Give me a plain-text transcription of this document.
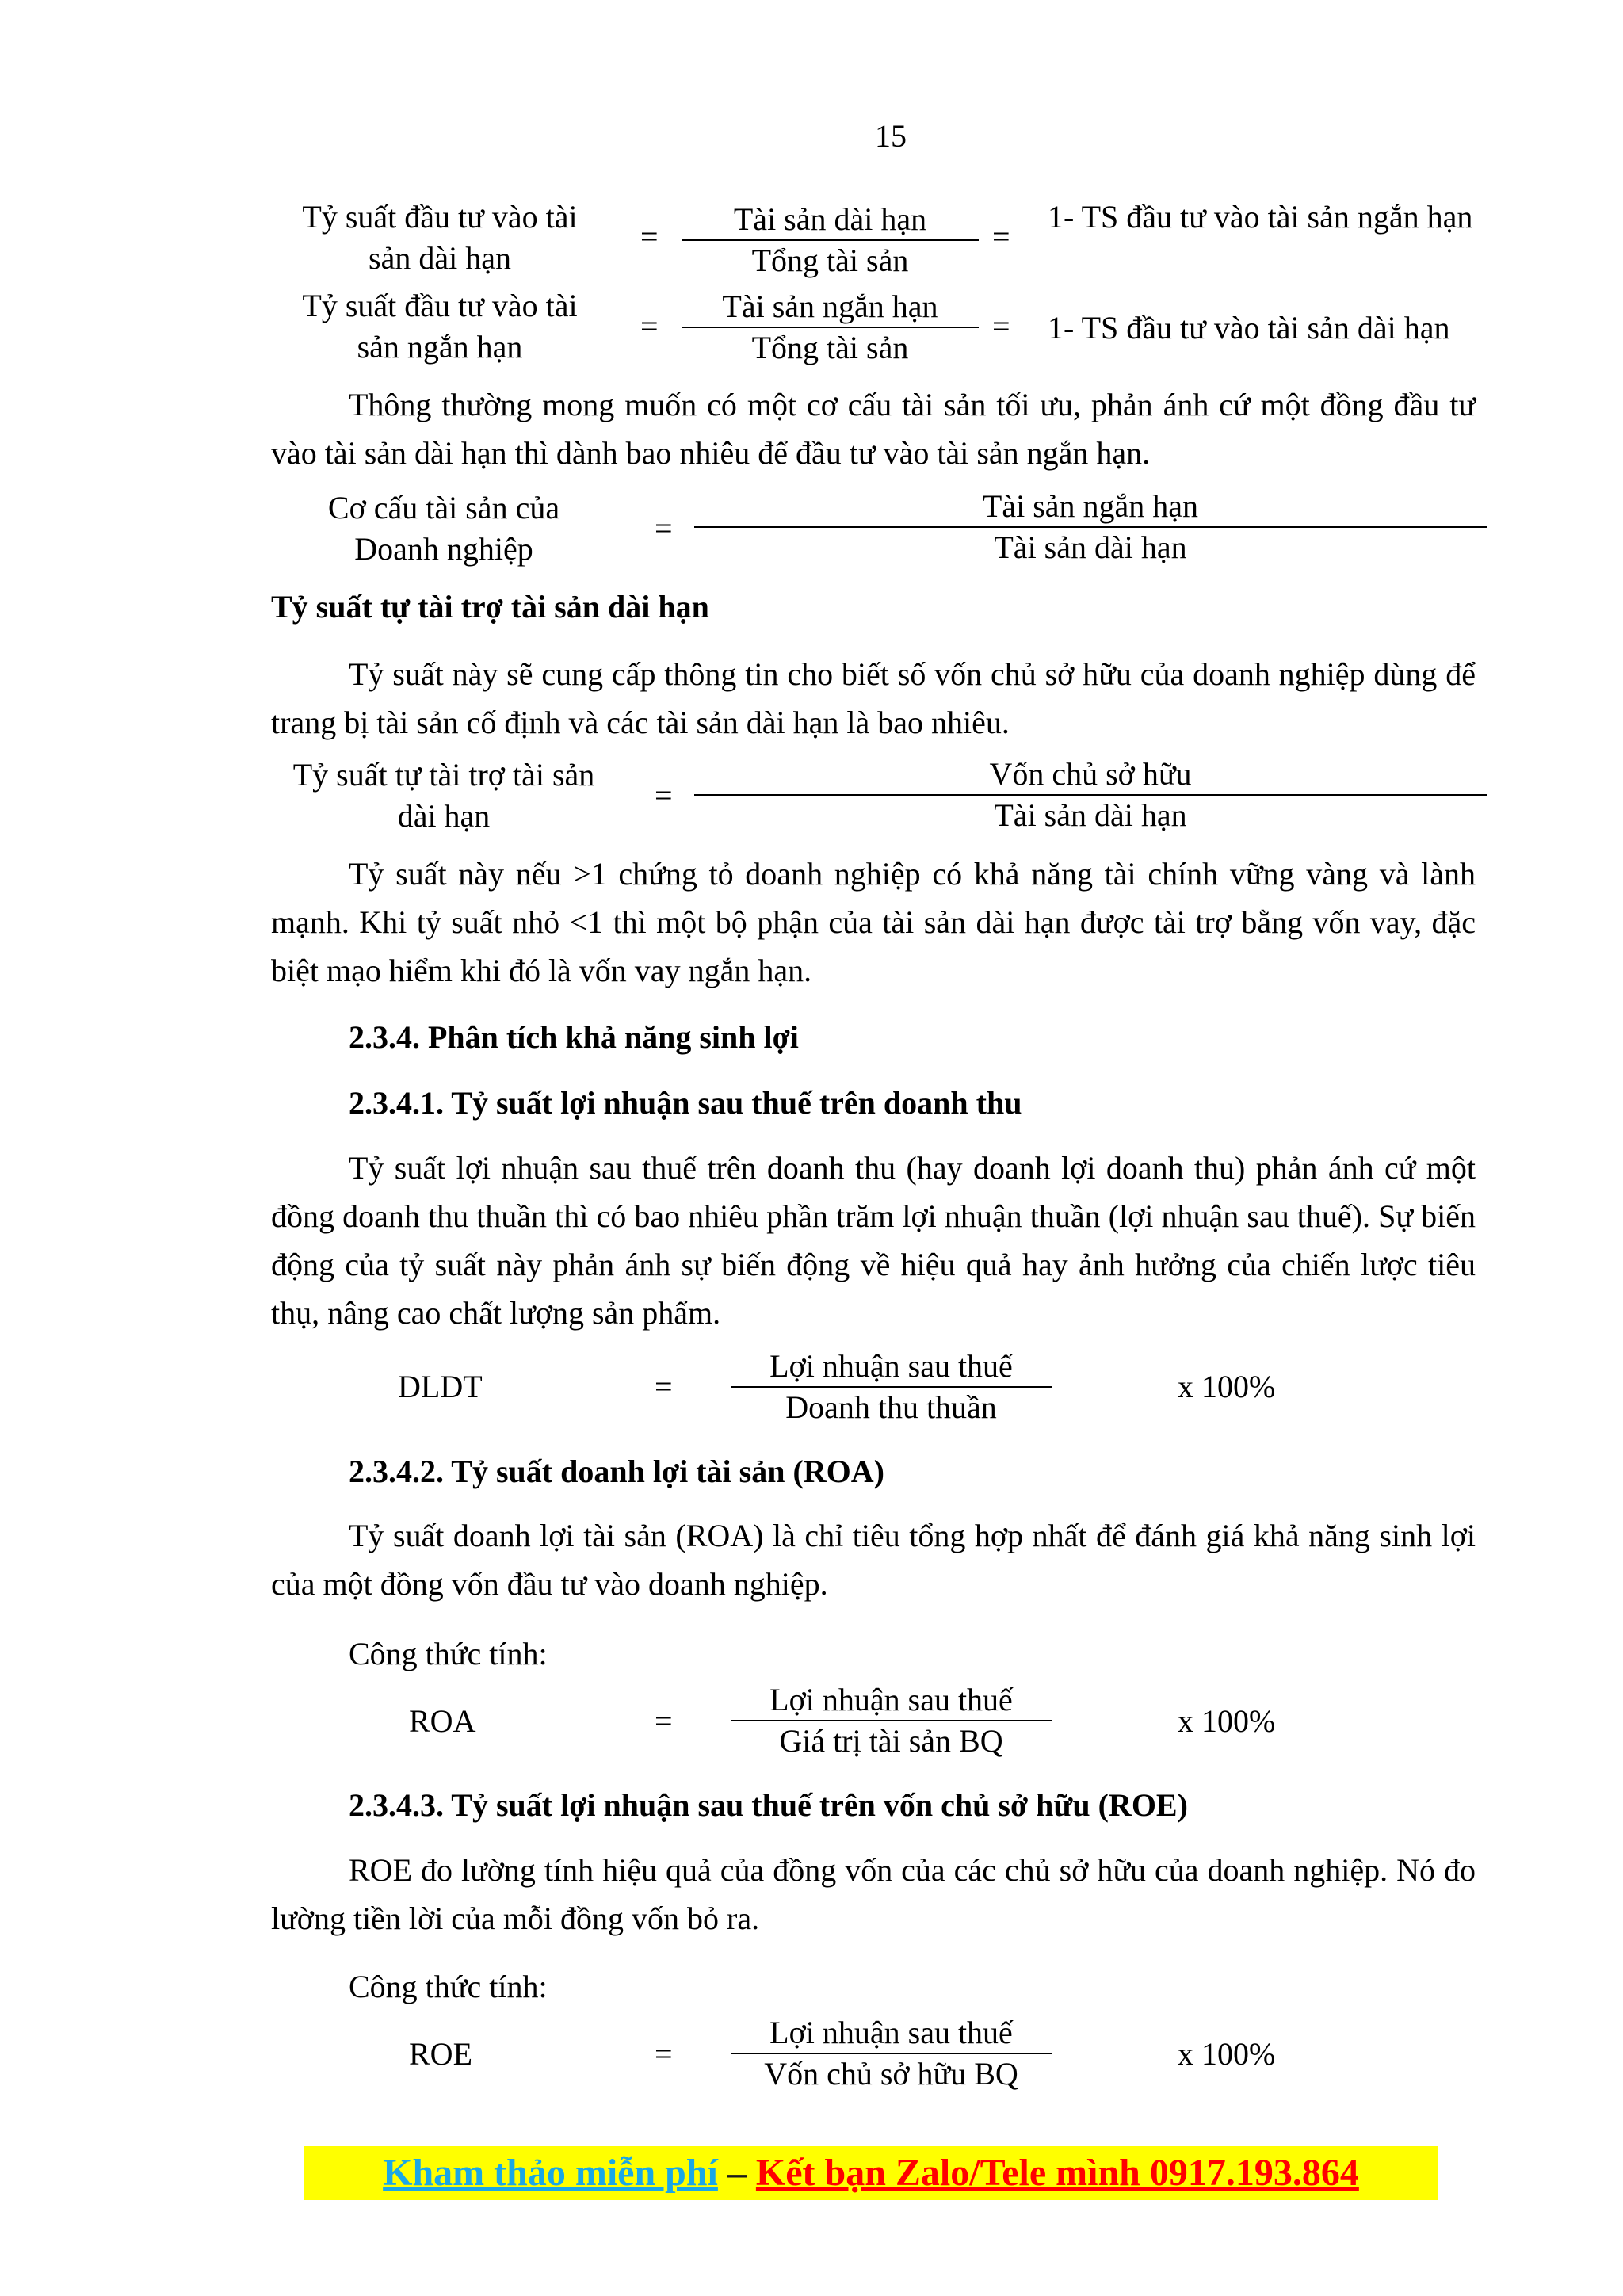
15
Tỷ suất đầu tư vào tài sản dài hạn
=	Tài sản dài hạn
Tổng tài sản
=
1- TS đầu tư vào tài sản ngắn hạn
Tỷ suất đầu tư vào tài sản ngắn hạn
=
Tài sản ngắn hạn
Tổng tài sản
= 1- TS đầu tư vào tài sản dài hạn
Thông thường mong muốn có một cơ cấu tài sản tối ưu, phản ánh cứ một đồng đầu tư vào tài sản dài hạn thì dành bao nhiêu để đầu tư vào tài sản ngắn hạn.
Cơ cấu tài sản của Doanh nghiệp
=
Tài sản ngắn hạn
Tài sản dài hạn
Tỷ suất tự tài trợ tài sản dài hạn
Tỷ suất này sẽ cung cấp thông tin cho biết số vốn chủ sở hữu của doanh nghiệp dùng để trang bị tài sản cố định và các tài sản dài hạn là bao nhiêu.
Tỷ suất tự tài trợ tài sản dài hạn
=
Vốn chủ sở hữu
Tài sản dài hạn
Tỷ suất này nếu >1 chứng tỏ doanh nghiệp có khả năng tài chính vững vàng và lành mạnh. Khi tỷ suất nhỏ <1 thì một bộ phận của tài sản dài hạn được tài trợ bằng vốn vay, đặc biệt mạo hiểm khi đó là vốn vay ngắn hạn.
2.3.4. Phân tích khả năng sinh lợi
2.3.4.1. Tỷ suất lợi nhuận sau thuế trên doanh thu
Tỷ suất lợi nhuận sau thuế trên doanh thu (hay doanh lợi doanh thu) phản ánh cứ một đồng doanh thu thuần thì có bao nhiêu phần trăm lợi nhuận thuần (lợi nhuận sau thuế). Sự biến động của tỷ suất này phản ánh sự biến động về hiệu quả hay ảnh hưởng của chiến lược tiêu thụ, nâng cao chất lượng sản phẩm.
DLDT	=
Lợi nhuận sau thuế
Doanh thu thuần
x 100%
2.3.4.2. Tỷ suất doanh lợi tài sản (ROA)
Tỷ suất doanh lợi tài sản (ROA) là chỉ tiêu tổng hợp nhất để đánh giá khả năng sinh lợi của một đồng vốn đầu tư vào doanh nghiệp.
Công thức tính:
ROA	=
Lợi nhuận sau thuế
Giá trị tài sản BQ
x 100%
2.3.4.3. Tỷ suất lợi nhuận sau thuế trên vốn chủ sở hữu (ROE)
ROE đo lường tính hiệu quả của đồng vốn của các chủ sở hữu của doanh nghiệp. Nó đo lường tiền lời của mỗi đồng vốn bỏ ra.
Công thức tính:
ROE	=
Lợi nhuận sau thuế
Vốn chủ sở hữu BQ
x 100%
Kham thảo miễn phí – Kết bạn Zalo/Tele mình 0917.193.864
